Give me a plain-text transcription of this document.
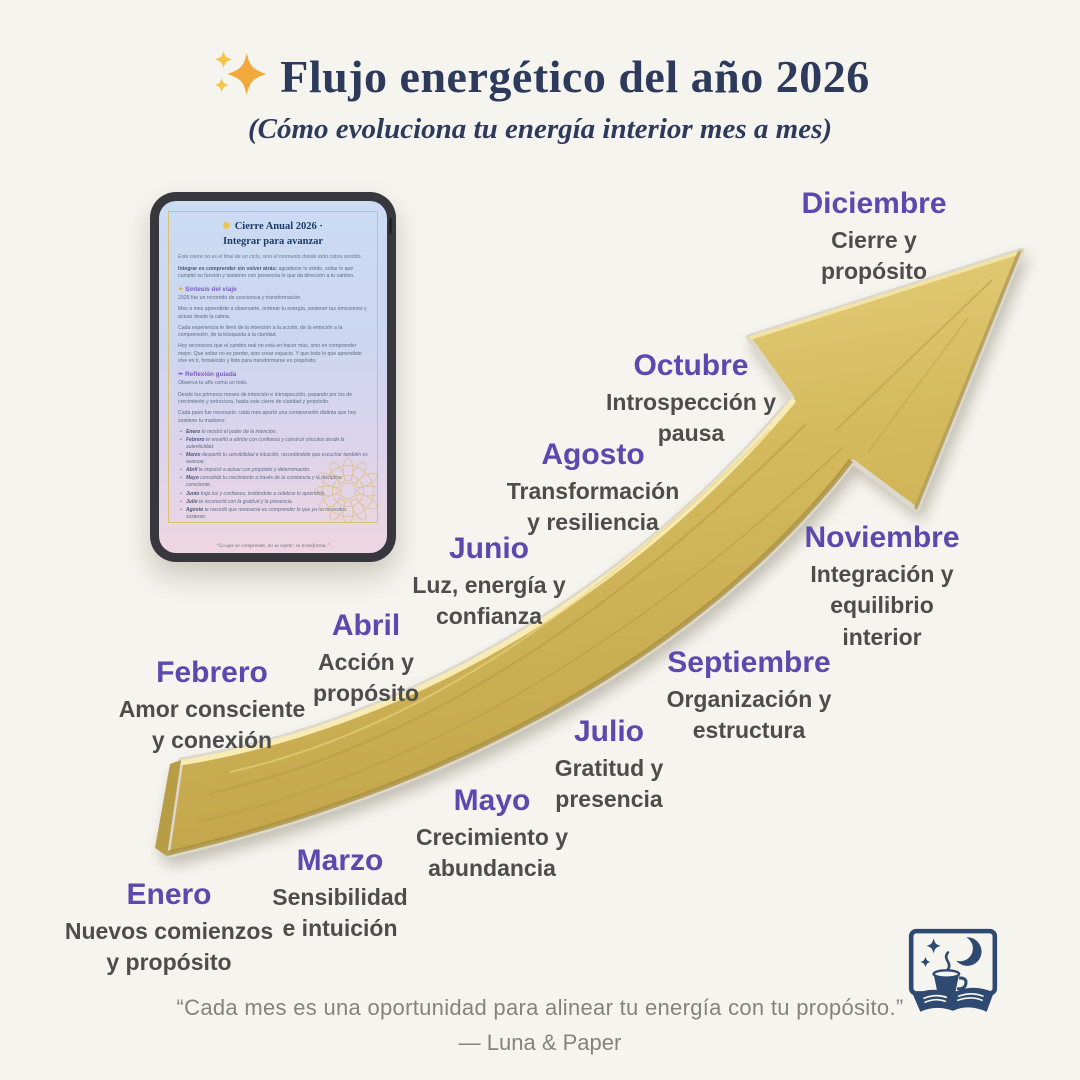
Flujo energético del año 2026
(Cómo evoluciona tu energía interior mes a mes)
Cierre Anual 2026 ·
Integrar para avanzar
Este cierre no es el final de un ciclo, sino el momento donde todo cobra sentido.
Integrar es comprender sin volver atrás: agradecer lo vivido, soltar lo que cumplió su función y sostener con presencia lo que da dirección a tu camino.
✦ Síntesis del viaje
2026 fue un recorrido de conciencia y transformación.
Mes a mes aprendiste a observarte, ordenar tu energía, sostener tus emociones y actuar desde la calma.
Cada experiencia te llevó de la intención a la acción, de la emoción a la comprensión, de la búsqueda a la claridad.
Hoy reconoces que el cambio real no está en hacer más, sino en comprender mejor. Que soltar no es perder, sino crear espacio. Y que todo lo que aprendiste vive en ti, fortalecido y listo para transformarse en propósito.
✒ Reflexión guiada
Observa tu año como un todo.
Desde los primeros meses de intención e introspección, pasando por los de crecimiento y estructura, hasta este cierre de claridad y propósito.
Cada paso fue necesario: cada mes aportó una comprensión distinta que hoy sostiene tu madurez.
• Enero te mostró el poder de la intención.
• Febrero te enseñó a abrirte con confianza y construir vínculos desde la autenticidad.
• Marzo despertó tu sensibilidad e intuición, recordándote que escuchar también es avanzar.
• Abril te impulsó a actuar con propósito y determinación.
• Mayo consolidó tu crecimiento a través de la constancia y la disciplina consciente.
• Junio trajo luz y confianza, invitándote a celebrar lo aprendido.
• Julio te reconectó con la gratitud y la presencia.
• Agosto te recordó que renovarse es comprender lo que ya no necesitas sostener.
•
“Lo que se comprende, no se repite: se transforma.”
Enero
Nuevos comienzos
y propósito
Febrero
Amor consciente
y conexión
Marzo
Sensibilidad
e intuición
Abril
Acción y
propósito
Mayo
Crecimiento y
abundancia
Junio
Luz, energía y
confianza
Julio
Gratitud y
presencia
Agosto
Transformación
y resiliencia
Septiembre
Organización y
estructura
Octubre
Introspección y
pausa
Noviembre
Integración y
equilibrio
interior
Diciembre
Cierre y
propósito
“Cada mes es una oportunidad para alinear tu energía con tu propósito.”
— Luna & Paper
